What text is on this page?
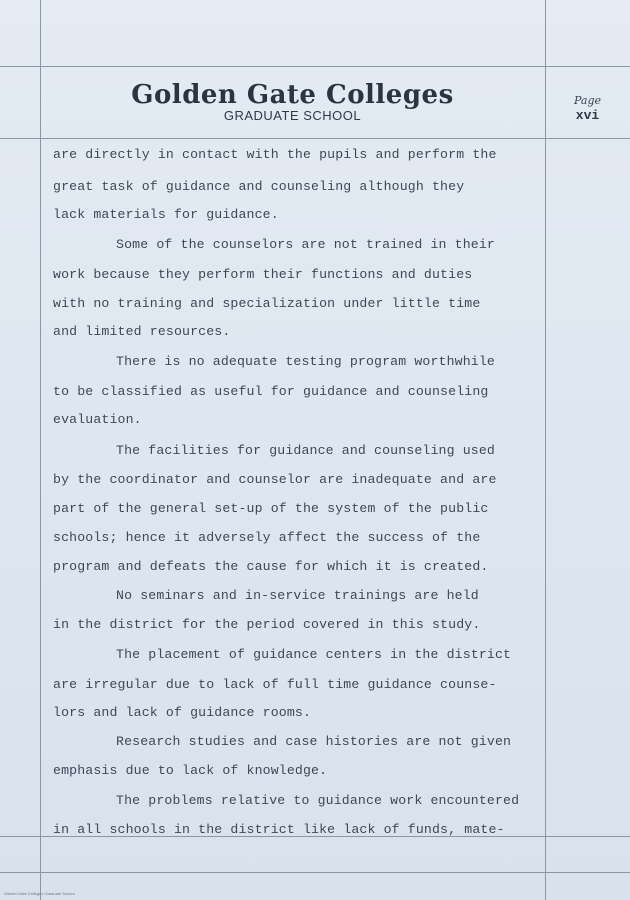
Golden Gate Colleges
GRADUATE SCHOOL
Page
xvi
are directly in contact with the pupils and perform the
great task of guidance and counseling although they
lack materials for guidance.
Some of the counselors are not trained in their
work because they perform their functions and duties
with no training and specialization under little time
and limited resources.
There is no adequate testing program worthwhile
to be classified as useful for guidance and counseling
evaluation.
The facilities for guidance and counseling used
by the coordinator and counselor are inadequate and are
part of the general set-up of the system of the public
schools; hence it adversely affect the success of the
program and defeats the cause for which it is created.
No seminars and in-service trainings are held
in the district for the period covered in this study.
The placement of guidance centers in the district
are irregular due to lack of full time guidance counse-
lors and lack of guidance rooms.
Research studies and case histories are not given
emphasis due to lack of knowledge.
The problems relative to guidance work encountered
in all schools in the district like lack of funds, mate-
Golden Gate Colleges Graduate School
